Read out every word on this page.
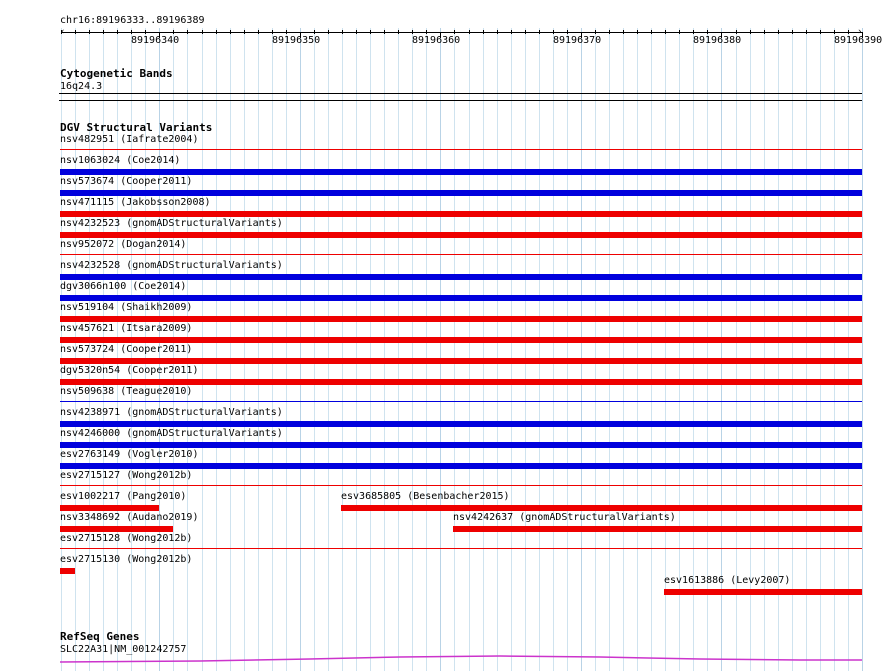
chr16:89196333..89196389
›
89196340	89196350	89196360	89196370	89196380	89196390
Cytogenetic Bands
16q24.3
DGV Structural Variants
nsv482951 (Iafrate2004)
nsv1063024 (Coe2014)
nsv573674 (Cooper2011)
nsv471115 (Jakobsson2008)
nsv4232523 (gnomADStructuralVariants)
nsv952072 (Dogan2014)
nsv4232528 (gnomADStructuralVariants)
dgv3066n100 (Coe2014)
nsv519104 (Shaikh2009)
nsv457621 (Itsara2009)
nsv573724 (Cooper2011)
dgv5320n54 (Cooper2011)
nsv509638 (Teague2010)
nsv4238971 (gnomADStructuralVariants)
nsv4246000 (gnomADStructuralVariants)
esv2763149 (Vogler2010)
esv2715127 (Wong2012b)
esv1002217 (Pang2010)	esv3685805 (Besenbacher2015)
nsv3348692 (Audano2019)	nsv4242637 (gnomADStructuralVariants)
esv2715128 (Wong2012b)
esv2715130 (Wong2012b)
esv1613886 (Levy2007)
RefSeq Genes
SLC22A31|NM_001242757
